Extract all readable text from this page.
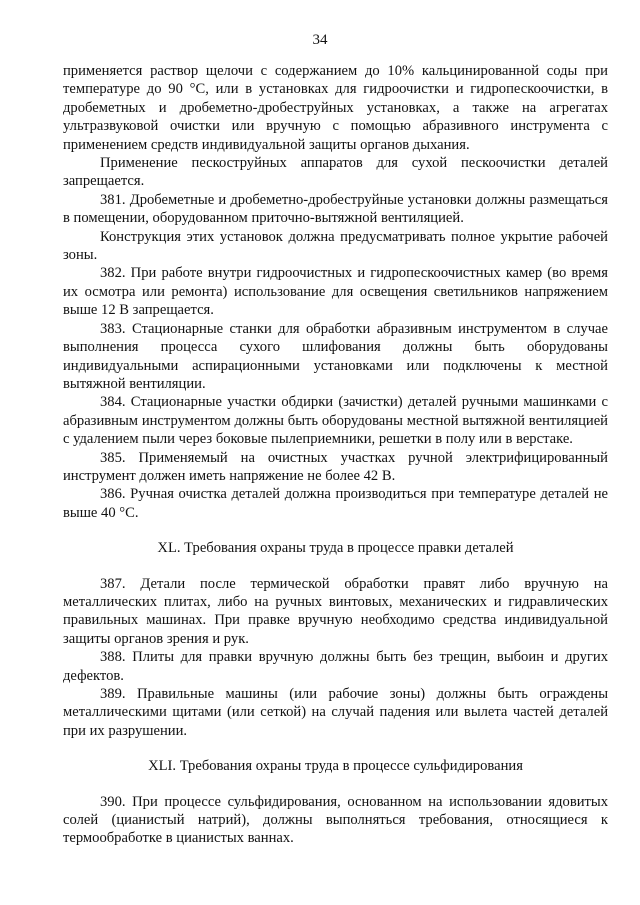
34

применяется раствор щелочи с содержанием до 10% кальцинированной соды при температуре до 90 °С, или в установках для гидроочистки и гидропескоочистки, в дробеметных и дробеметно-дробеструйных установках, а также на агрегатах ультразвуковой очистки или вручную с помощью абразивного инструмента с применением средств индивидуальной защиты органов дыхания.

Применение пескоструйных аппаратов для сухой пескоочистки деталей запрещается.

381. Дробеметные и дробеметно-дробеструйные установки должны размещаться в помещении, оборудованном приточно-вытяжной вентиляцией.

Конструкция этих установок должна предусматривать полное укрытие рабочей зоны.

382. При работе внутри гидроочистных и гидропескоочистных камер (во время их осмотра или ремонта) использование для освещения светильников напряжением выше 12 В запрещается.

383. Стационарные станки для обработки абразивным инструментом в случае выполнения процесса сухого шлифования должны быть оборудованы индивидуальными аспирационными установками или подключены к местной вытяжной вентиляции.

384. Стационарные участки обдирки (зачистки) деталей ручными машинками с абразивным инструментом должны быть оборудованы местной вытяжной вентиляцией с удалением пыли через боковые пылеприемники, решетки в полу или в верстаке.

385. Применяемый на очистных участках ручной электрифицированный инструмент должен иметь напряжение не более 42 В.

386. Ручная очистка деталей должна производиться при температуре деталей не выше 40 °С.

XL. Требования охраны труда в процессе правки деталей

387. Детали после термической обработки правят либо вручную на металлических плитах, либо на ручных винтовых, механических и гидравлических правильных машинах. При правке вручную необходимо средства индивидуальной защиты органов зрения и рук.

388. Плиты для правки вручную должны быть без трещин, выбоин и других дефектов.

389. Правильные машины (или рабочие зоны) должны быть ограждены металлическими щитами (или сеткой) на случай падения или вылета частей деталей при их разрушении.

XLI. Требования охраны труда в процессе сульфидирования

390. При процессе сульфидирования, основанном на использовании ядовитых солей (цианистый натрий), должны выполняться требования, относящиеся к термообработке в цианистых ваннах.
